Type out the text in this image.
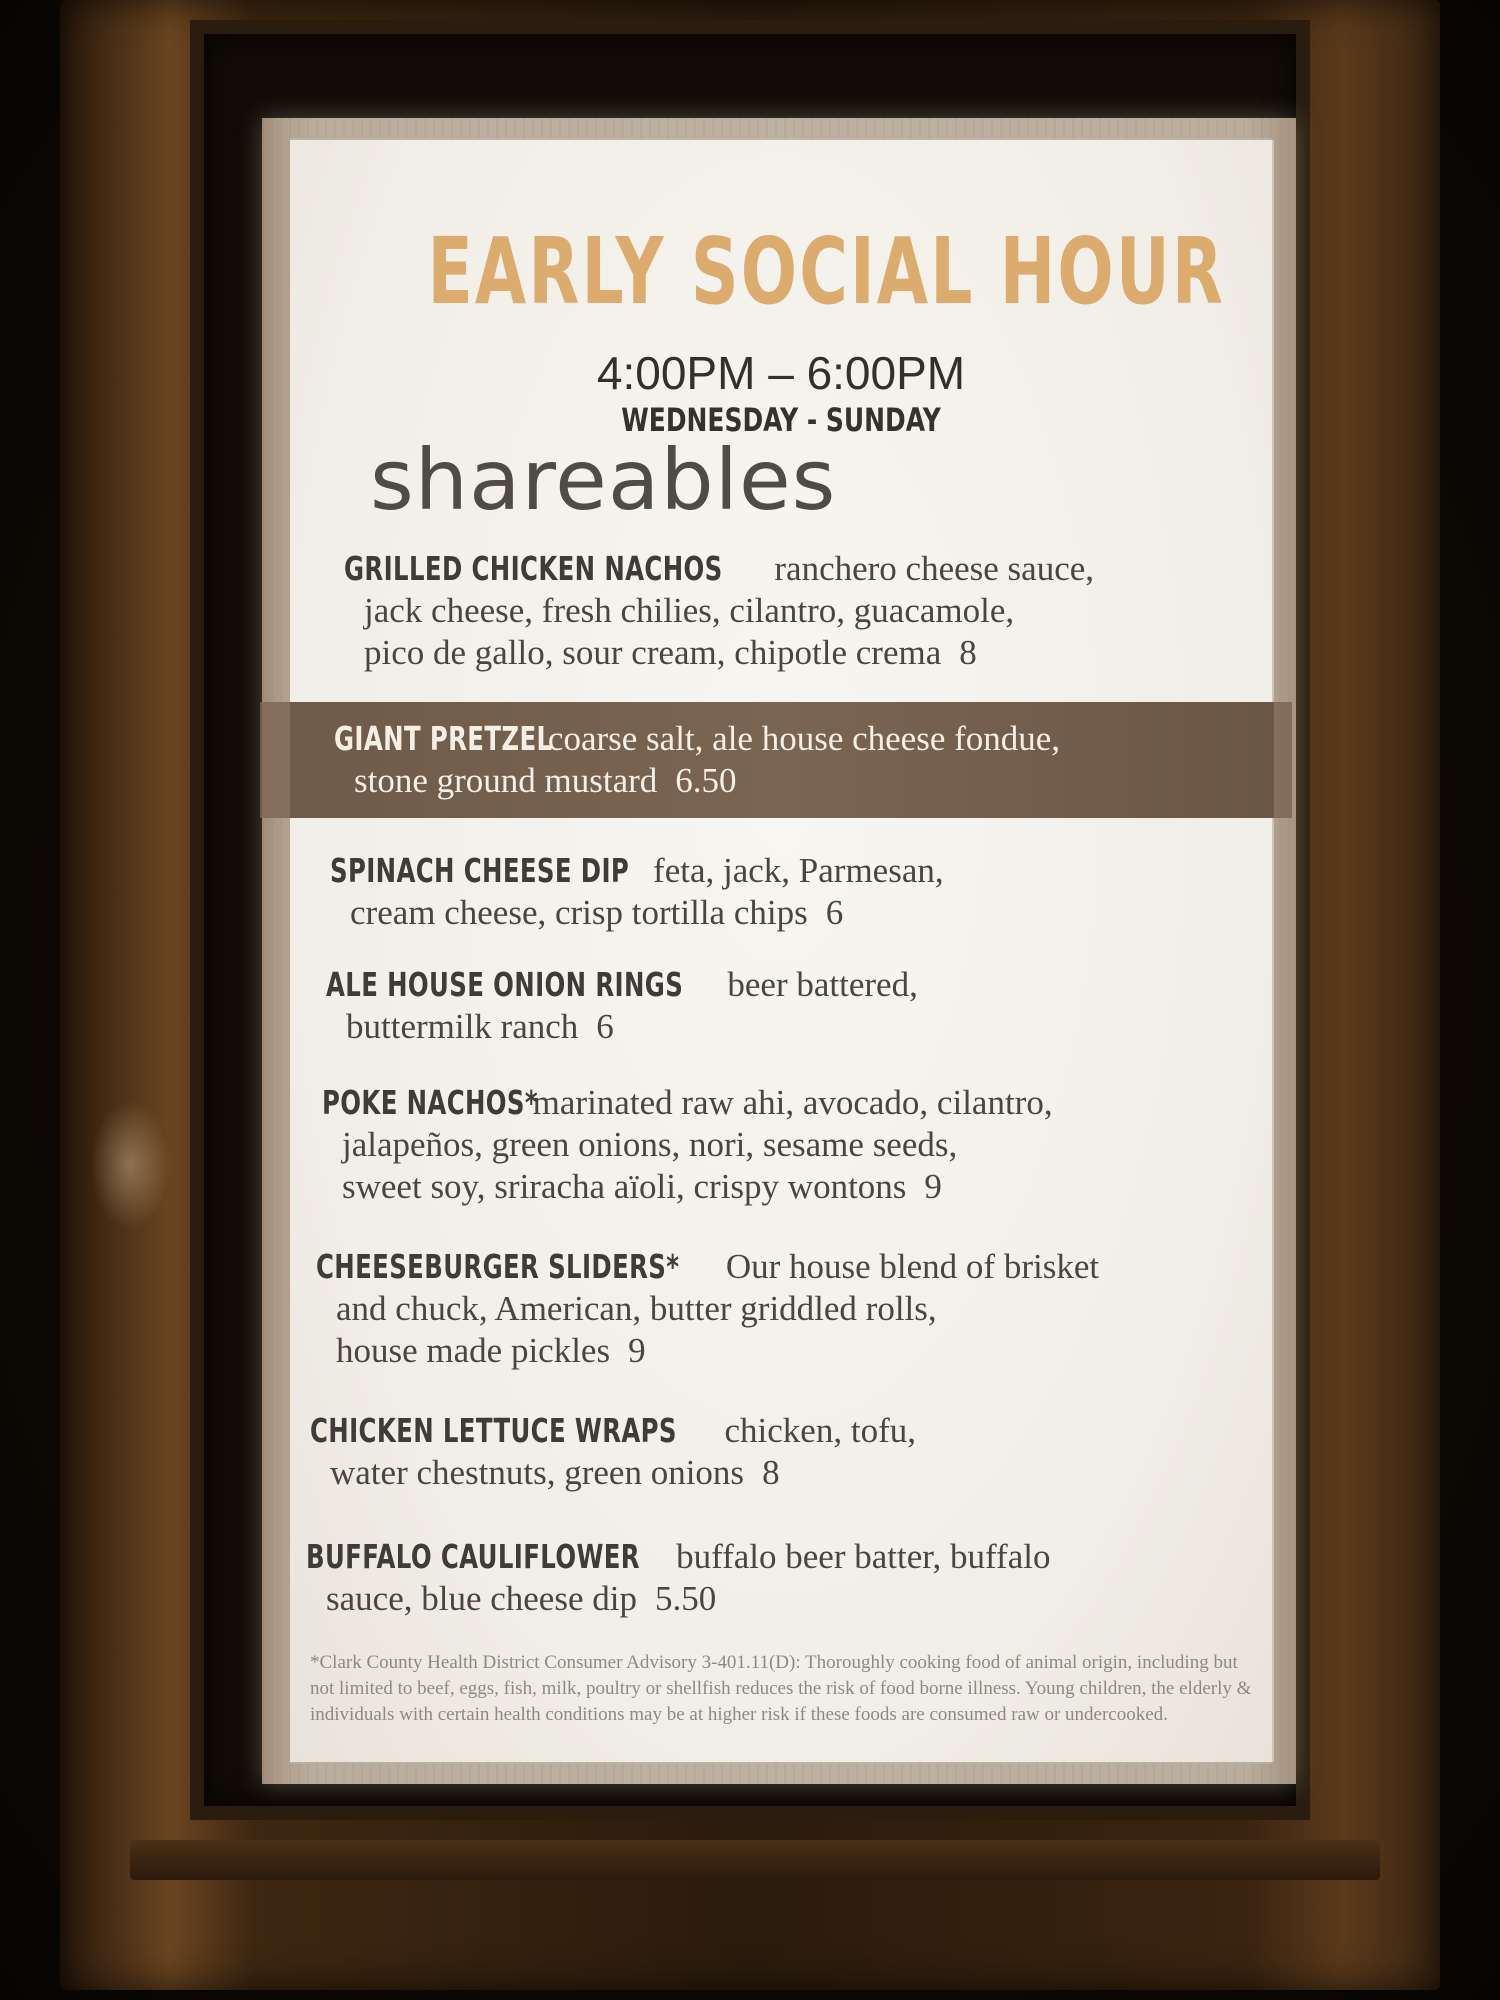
EARLY SOCIAL HOUR
4:00PM – 6:00PM
WEDNESDAY - SUNDAY
shareables
GRILLED CHICKEN NACHOS ranchero cheese sauce,
jack cheese, fresh chilies, cilantro, guacamole,
pico de gallo, sour cream, chipotle crema 8
GIANT PRETZEL coarse salt, ale house cheese fondue,
stone ground mustard 6.50
SPINACH CHEESE DIP feta, jack, Parmesan,
cream cheese, crisp tortilla chips 6
ALE HOUSE ONION RINGS beer battered,
buttermilk ranch 6
POKE NACHOS* marinated raw ahi, avocado, cilantro,
jalapeños, green onions, nori, sesame seeds,
sweet soy, sriracha aïoli, crispy wontons 9
CHEESEBURGER SLIDERS* Our house blend of brisket
and chuck, American, butter griddled rolls,
house made pickles 9
CHICKEN LETTUCE WRAPS chicken, tofu,
water chestnuts, green onions 8
BUFFALO CAULIFLOWER buffalo beer batter, buffalo
sauce, blue cheese dip 5.50
*Clark County Health District Consumer Advisory 3-401.11(D): Thoroughly cooking food of animal origin, including but not limited to beef, eggs, fish, milk, poultry or shellfish reduces the risk of food borne illness. Young children, the elderly & individuals with certain health conditions may be at higher risk if these foods are consumed raw or undercooked.
